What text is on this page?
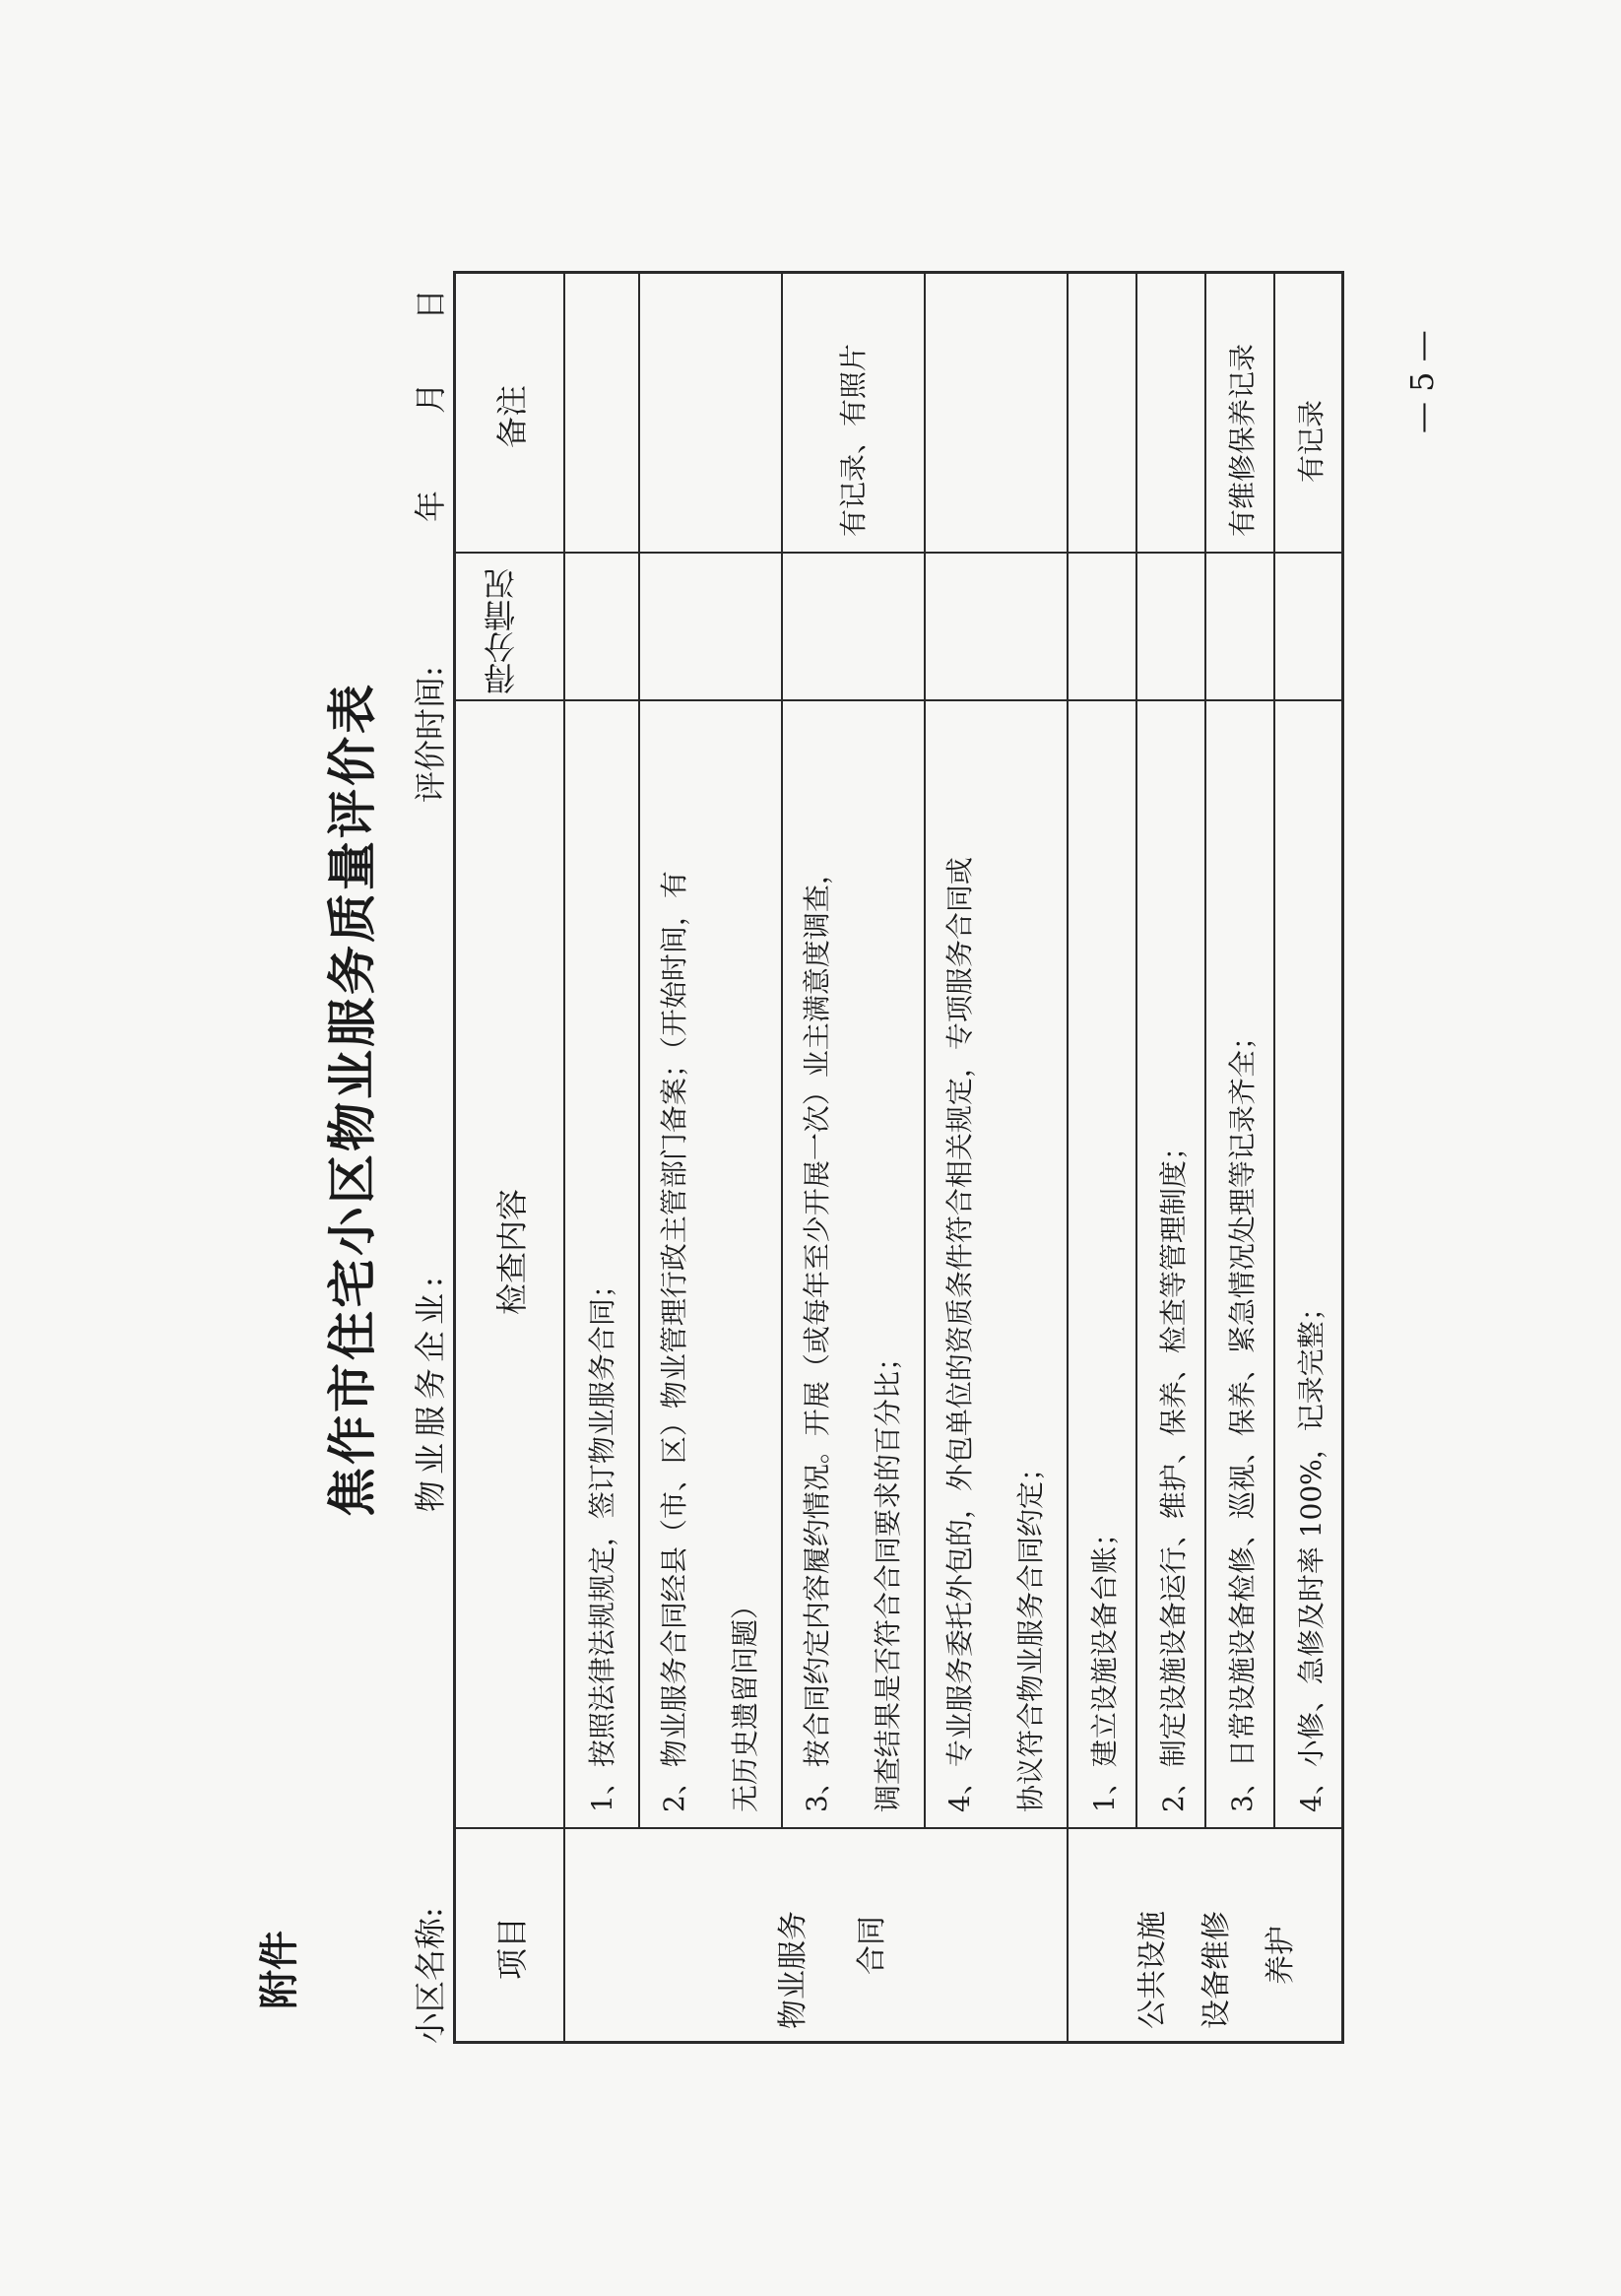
附件
焦作市住宅小区物业服务质量评价表
小区名称:
物业服务企业:
评价时间:
年
月
日
项目
检查内容
得分情况
备注
物业服务 合同
1、按照法律法规规定，签订物业服务合同； 2、物业服务合同经县（市、区）物业管理行政主管部门备案；（开始时间，有 无历史遗留问题） 3、按合同约定内容履约情况。开展（或每年至少开展一次）业主满意度调查， 调查结果是否符合合同要求的百分比；
有记录、有照片
4、专业服务委托外包的，外包单位的资质条件符合相关规定，专项服务合同或 协议符合物业服务合同约定；
公共设施 设备维修 养护
1、建立设施设备台账； 2、制定设施设备运行、维护、保养、检查等管理制度； 3、日常设施设备检修、巡视、保养、紧急情况处理等记录齐全；
有维修保养记录
4、小修、急修及时率 100%，记录完整；
有记录
— 5 —
